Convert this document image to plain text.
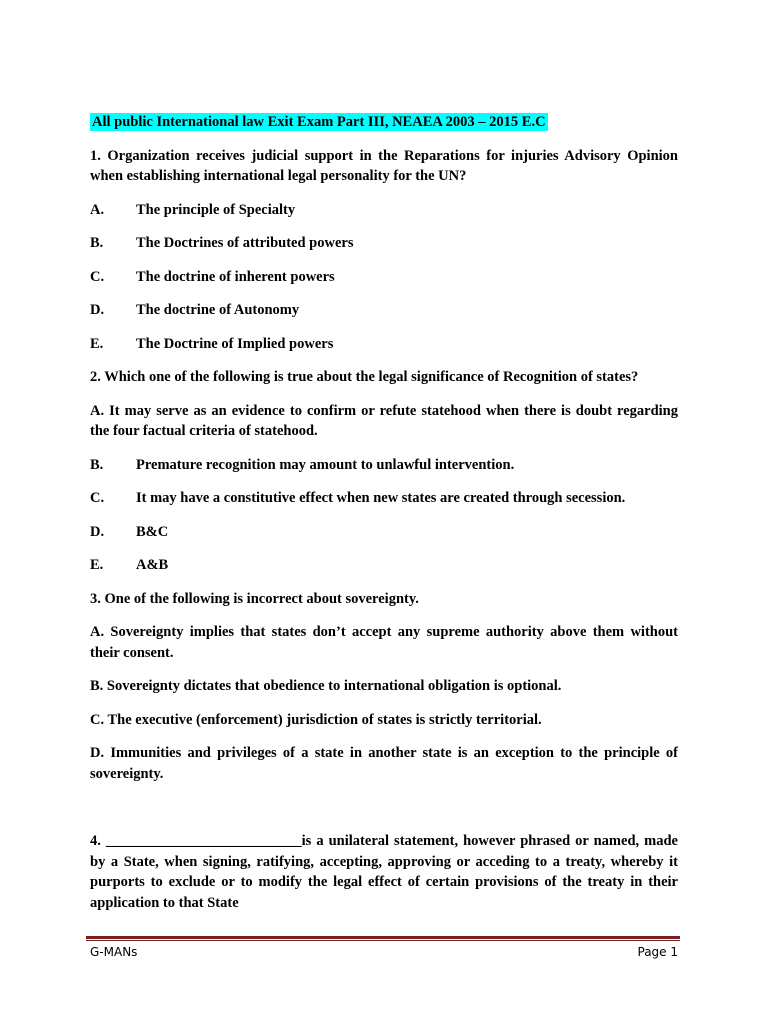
All public International law Exit Exam Part III, NEAEA 2003 – 2015 E.C

1. Organization receives judicial support in the Reparations for injuries Advisory Opinion when establishing international legal personality for the UN?

A.	The principle of Specialty
B.	The Doctrines of attributed powers
C.	The doctrine of inherent powers
D.	The doctrine of Autonomy
E.	The Doctrine of Implied powers

2. Which one of the following is true about the legal significance of Recognition of states?

A. It may serve as an evidence to confirm or refute statehood when there is doubt regarding the four factual criteria of statehood.

B.	Premature recognition may amount to unlawful intervention.
C.	It may have a constitutive effect when new states are created through secession.
D.	B&C
E.	A&B

3. One of the following is incorrect about sovereignty.

A. Sovereignty implies that states don’t accept any supreme authority above them without their consent.

B. Sovereignty dictates that obedience to international obligation is optional.

C. The executive (enforcement) jurisdiction of states is strictly territorial.

D. Immunities and privileges of a state in another state is an exception to the principle of sovereignty.

4. ___________________________is a unilateral statement, however phrased or named, made by a State, when signing, ratifying, accepting, approving or acceding to a treaty, whereby it purports to exclude or to modify the legal effect of certain provisions of the treaty in their application to that State

G-MANs	Page 1
